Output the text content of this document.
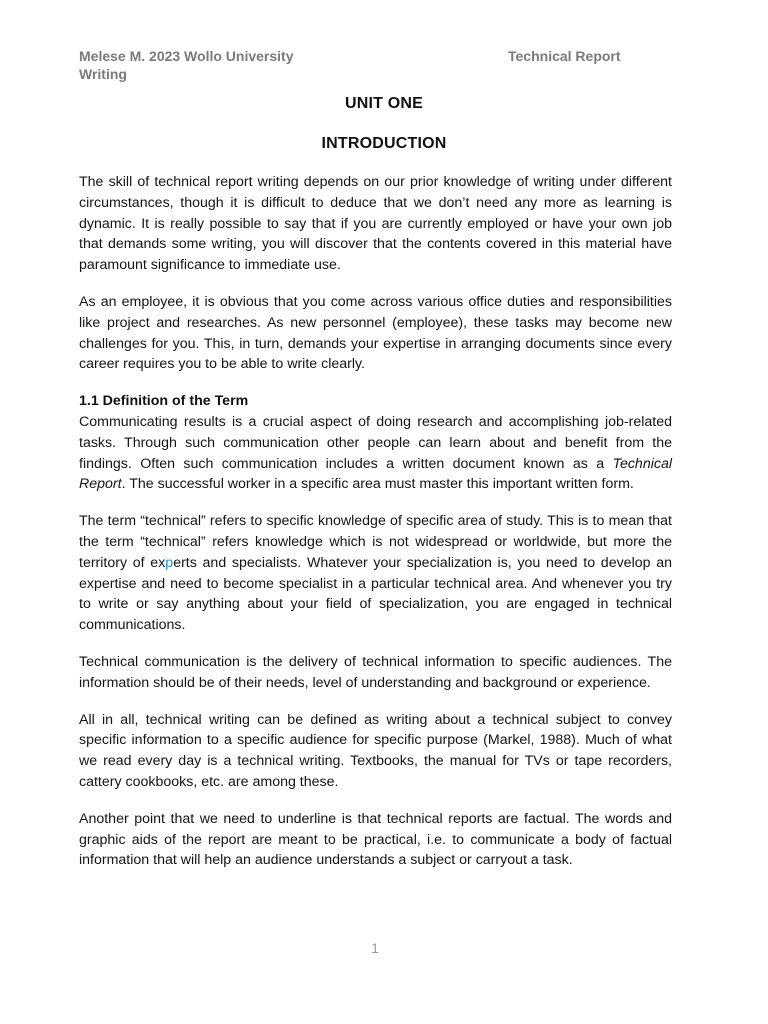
Melese M. 2023 Wollo University Writing
Technical Report
UNIT ONE
INTRODUCTION

The skill of technical report writing depends on our prior knowledge of writing under different circumstances, though it is difficult to deduce that we don’t need any more as learning is dynamic. It is really possible to say that if you are currently employed or have your own job that demands some writing, you will discover that the contents covered in this material have paramount significance to immediate use.

As an employee, it is obvious that you come across various office duties and responsibilities like project and researches. As new personnel (employee), these tasks may become new challenges for you. This, in turn, demands your expertise in arranging documents since every career requires you to be able to write clearly.

1.1 Definition of the Term

Communicating results is a crucial aspect of doing research and accomplishing job-related tasks. Through such communication other people can learn about and benefit from the findings. Often such communication includes a written document known as a Technical Report. The successful worker in a specific area must master this important written form.

The term “technical” refers to specific knowledge of specific area of study. This is to mean that the term “technical” refers knowledge which is not widespread or worldwide, but more the territory of experts and specialists. Whatever your specialization is, you need to develop an expertise and need to become specialist in a particular technical area. And whenever you try to write or say anything about your field of specialization, you are engaged in technical communications.

Technical communication is the delivery of technical information to specific audiences. The information should be of their needs, level of understanding and background or experience.

All in all, technical writing can be defined as writing about a technical subject to convey specific information to a specific audience for specific purpose (Markel, 1988). Much of what we read every day is a technical writing. Textbooks, the manual for TVs or tape recorders, cattery cookbooks, etc. are among these.

Another point that we need to underline is that technical reports are factual. The words and graphic aids of the report are meant to be practical, i.e. to communicate a body of factual information that will help an audience understands a subject or carryout a task.

1
